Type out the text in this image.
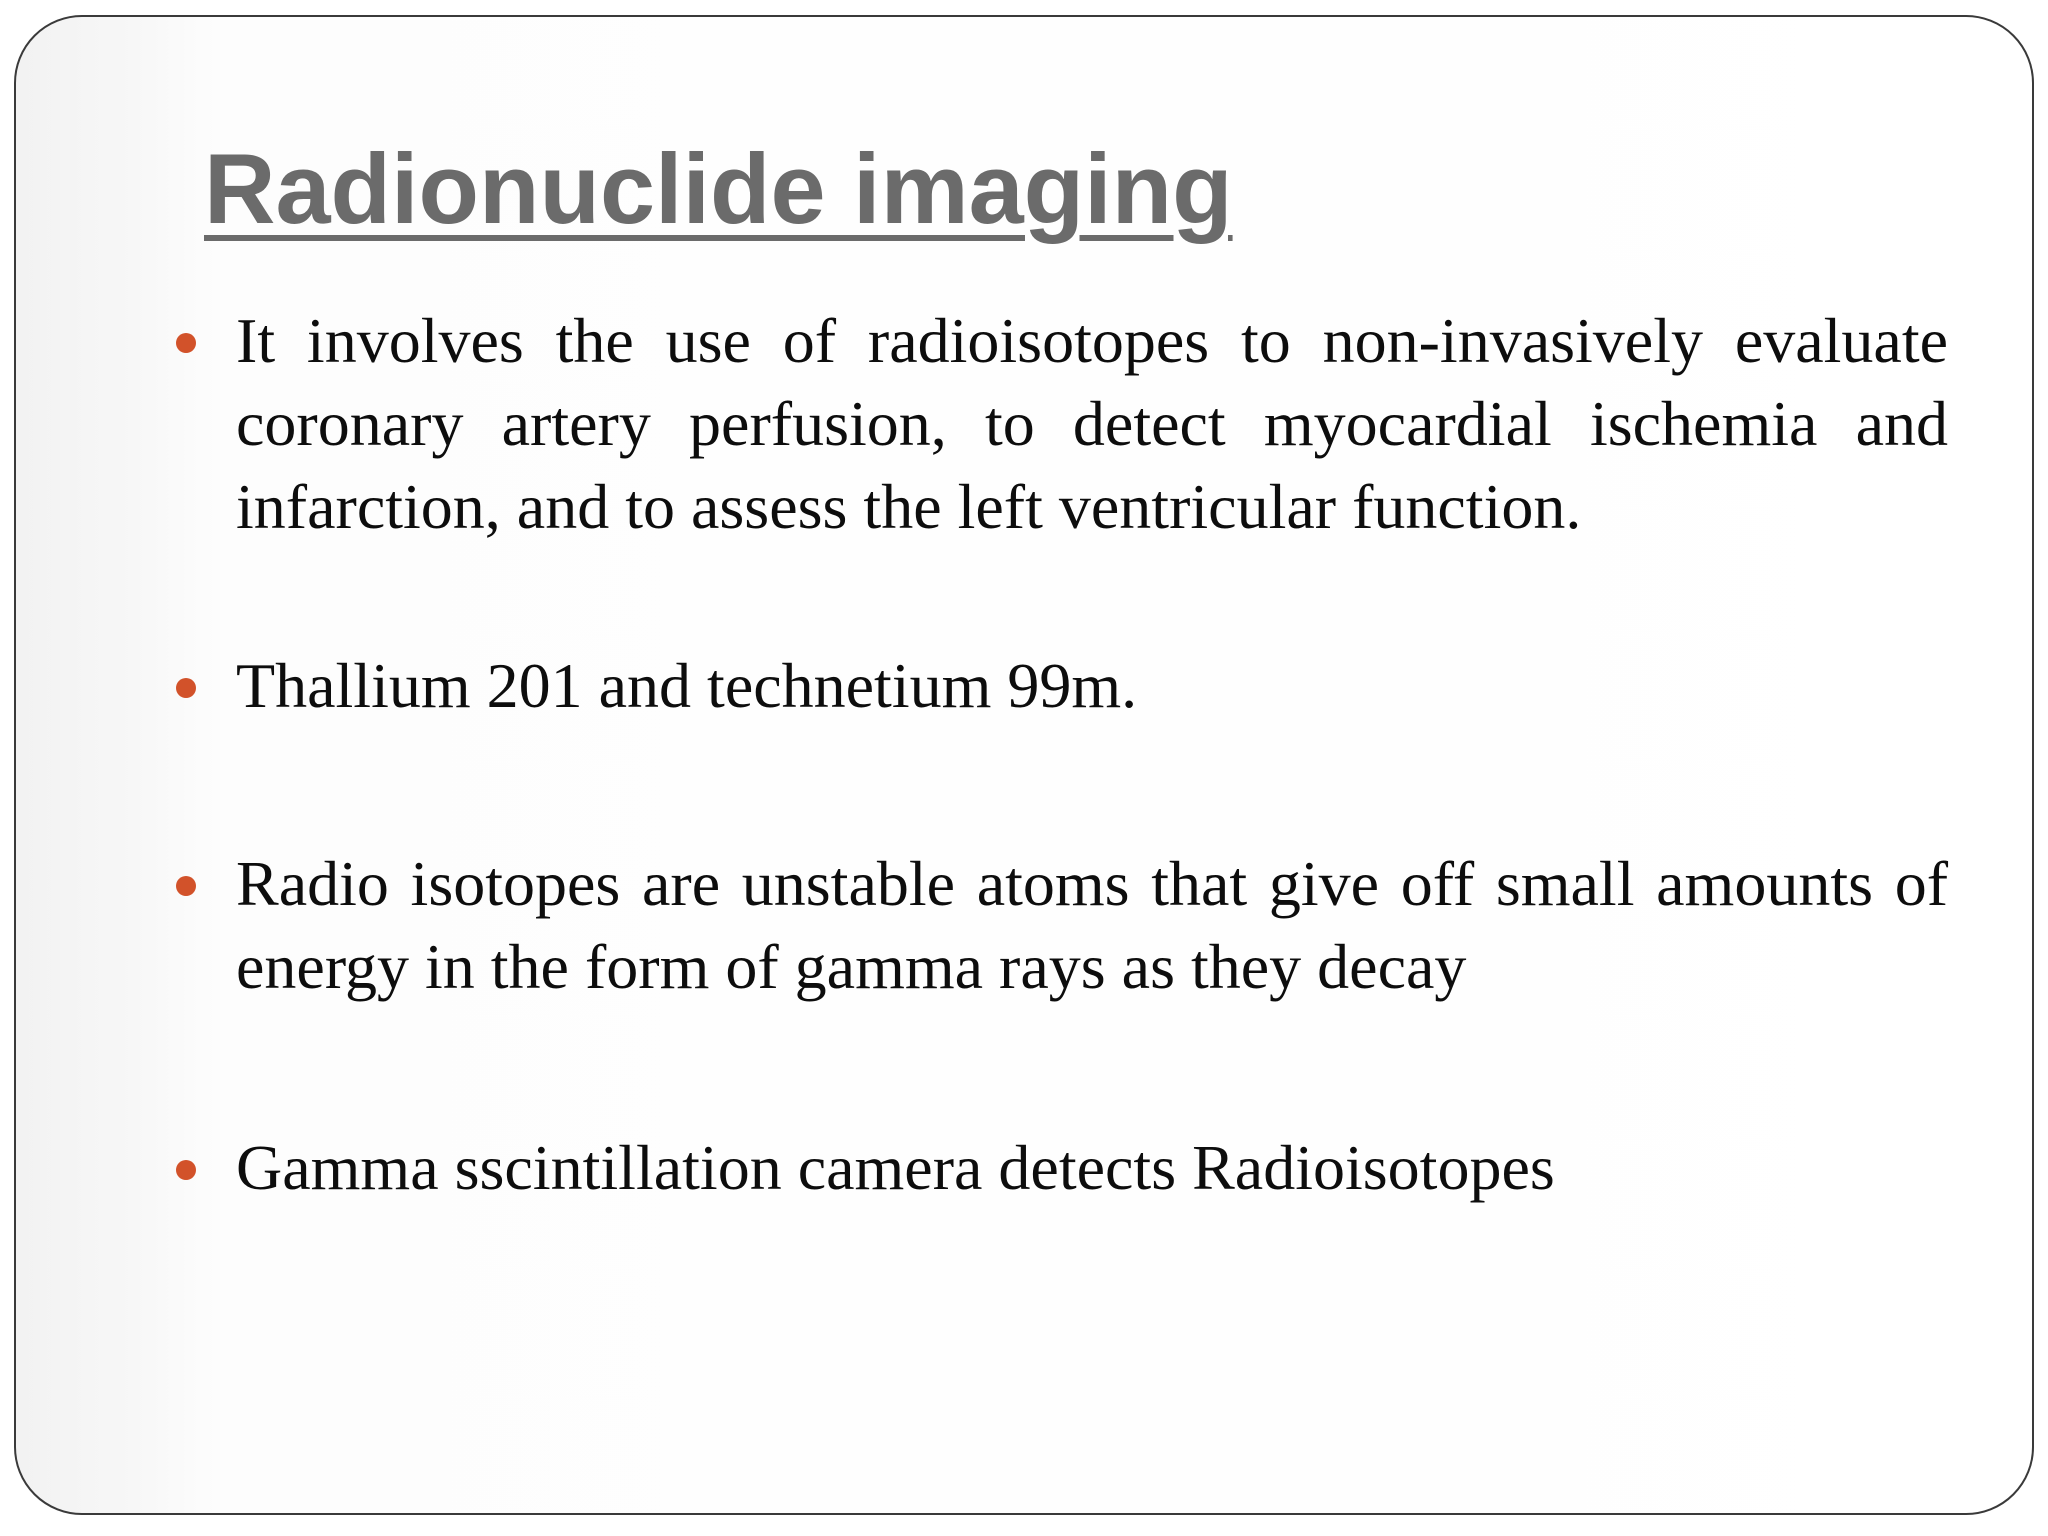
Radionuclide imaging
It involves the use of radioisotopes to non-invasively evaluate coronary artery perfusion, to detect myocardial ischemia and infarction, and to assess the left ventricular function.
Thallium 201 and technetium 99m.
Radio isotopes are unstable atoms that give off small amounts of energy in the form of gamma rays as they decay
Gamma sscintillation camera detects Radioisotopes
